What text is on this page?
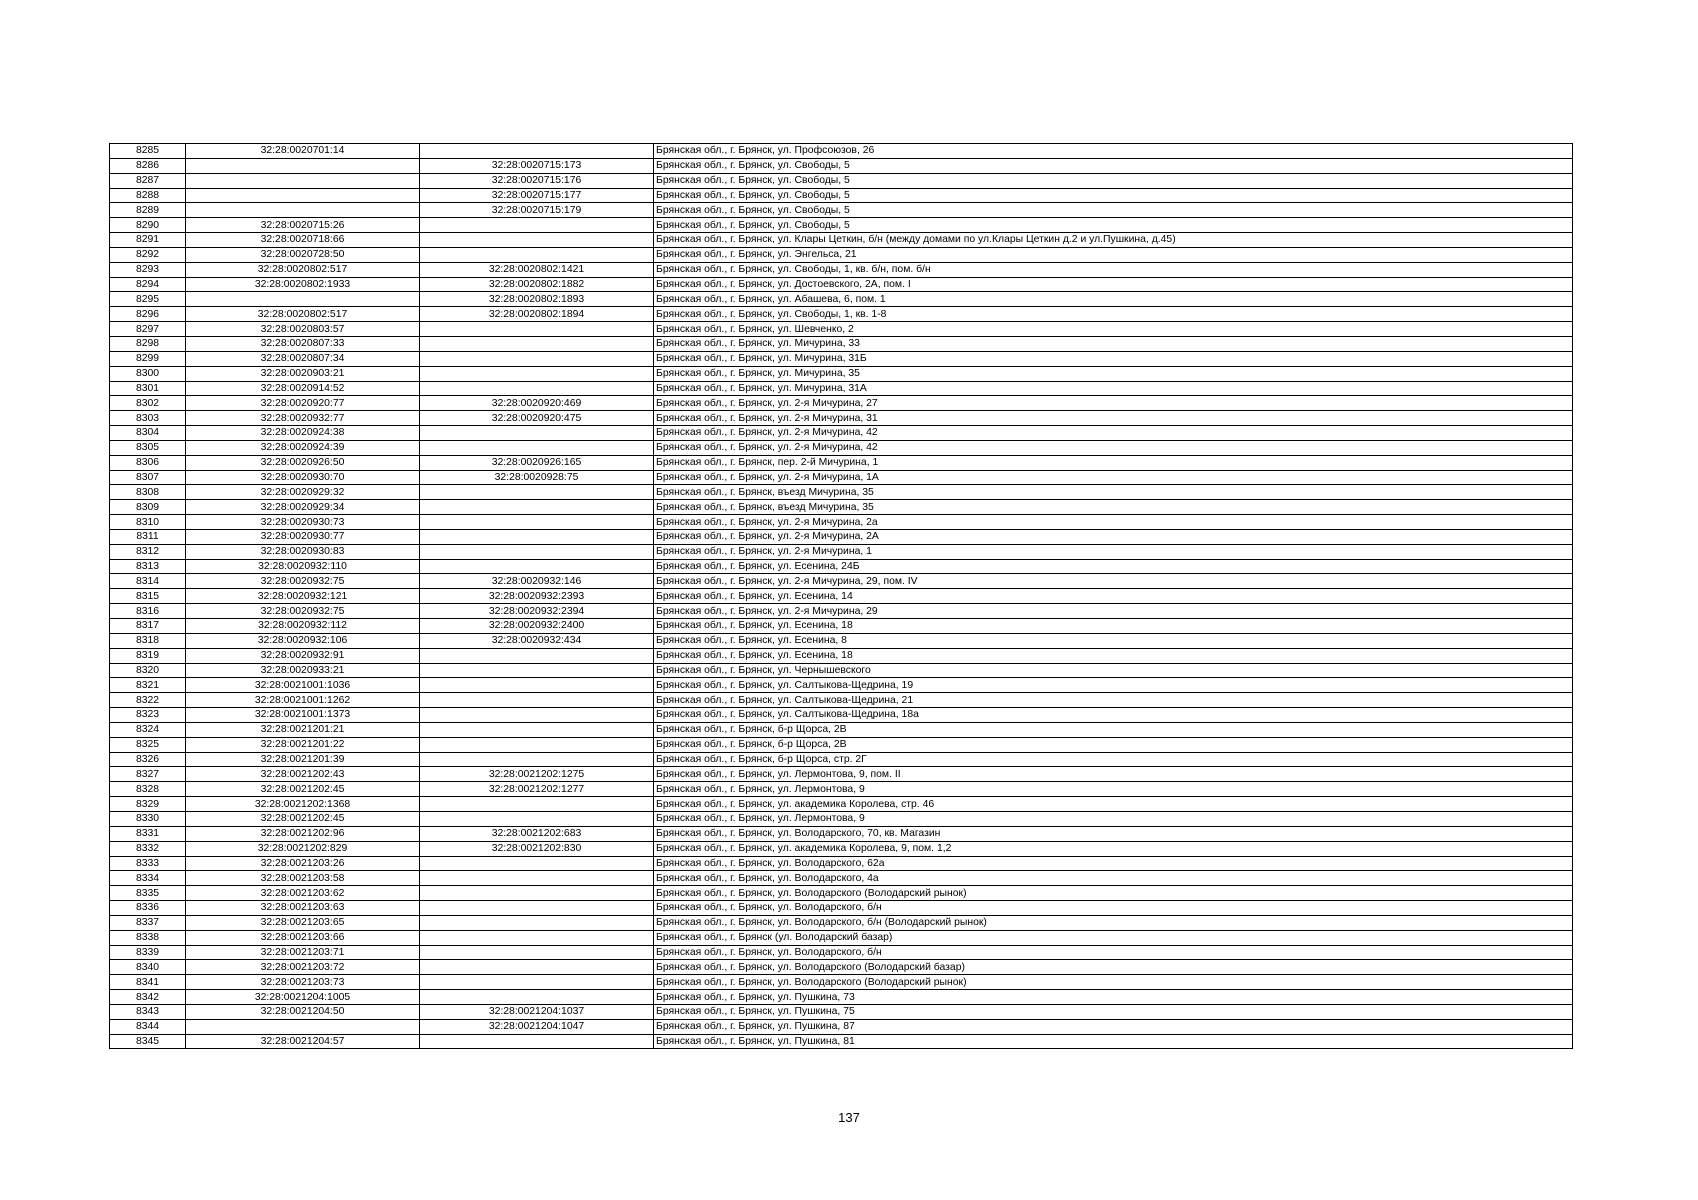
8285	32:28:0020701:14		Брянская обл., г. Брянск, ул. Профсоюзов, 26
8286		32:28:0020715:173	Брянская обл., г. Брянск, ул. Свободы, 5
8287		32:28:0020715:176	Брянская обл., г. Брянск, ул. Свободы, 5
8288		32:28:0020715:177	Брянская обл., г. Брянск, ул. Свободы, 5
8289		32:28:0020715:179	Брянская обл., г. Брянск, ул. Свободы, 5
8290	32:28:0020715:26		Брянская обл., г. Брянск, ул. Свободы, 5
8291	32:28:0020718:66		Брянская обл., г. Брянск, ул. Клары Цеткин, б/н (между домами по ул.Клары Цеткин д.2 и ул.Пушкина, д.45)
8292	32:28:0020728:50		Брянская обл., г. Брянск, ул. Энгельса, 21
8293	32:28:0020802:517	32:28:0020802:1421	Брянская обл., г. Брянск, ул. Свободы, 1, кв. б/н, пом. б/н
8294	32:28:0020802:1933	32:28:0020802:1882	Брянская обл., г. Брянск, ул. Достоевского, 2А, пом. I
8295		32:28:0020802:1893	Брянская обл., г. Брянск, ул. Абашева, 6, пом. 1
8296	32:28:0020802:517	32:28:0020802:1894	Брянская обл., г. Брянск, ул. Свободы, 1, кв. 1-8
8297	32:28:0020803:57		Брянская обл., г. Брянск, ул. Шевченко, 2
8298	32:28:0020807:33		Брянская обл., г. Брянск, ул. Мичурина, 33
8299	32:28:0020807:34		Брянская обл., г. Брянск, ул. Мичурина, 31Б
8300	32:28:0020903:21		Брянская обл., г. Брянск, ул. Мичурина, 35
8301	32:28:0020914:52		Брянская обл., г. Брянск, ул. Мичурина, 31А
8302	32:28:0020920:77	32:28:0020920:469	Брянская обл., г. Брянск, ул. 2-я Мичурина, 27
8303	32:28:0020932:77	32:28:0020920:475	Брянская обл., г. Брянск, ул. 2-я Мичурина, 31
8304	32:28:0020924:38		Брянская обл., г. Брянск, ул. 2-я Мичурина, 42
8305	32:28:0020924:39		Брянская обл., г. Брянск, ул. 2-я Мичурина, 42
8306	32:28:0020926:50	32:28:0020926:165	Брянская обл., г. Брянск, пер. 2-й Мичурина, 1
8307	32:28:0020930:70	32:28:0020928:75	Брянская обл., г. Брянск, ул. 2-я Мичурина, 1А
8308	32:28:0020929:32		Брянская обл., г. Брянск, въезд Мичурина, 35
8309	32:28:0020929:34		Брянская обл., г. Брянск, въезд Мичурина, 35
8310	32:28:0020930:73		Брянская обл., г. Брянск, ул. 2-я Мичурина, 2а
8311	32:28:0020930:77		Брянская обл., г. Брянск, ул. 2-я Мичурина, 2А
8312	32:28:0020930:83		Брянская обл., г. Брянск, ул. 2-я Мичурина, 1
8313	32:28:0020932:110		Брянская обл., г. Брянск, ул. Есенина, 24Б
8314	32:28:0020932:75	32:28:0020932:146	Брянская обл., г. Брянск, ул. 2-я Мичурина, 29, пом. IV
8315	32:28:0020932:121	32:28:0020932:2393	Брянская обл., г. Брянск, ул. Есенина, 14
8316	32:28:0020932:75	32:28:0020932:2394	Брянская обл., г. Брянск, ул. 2-я Мичурина, 29
8317	32:28:0020932:112	32:28:0020932:2400	Брянская обл., г. Брянск, ул. Есенина, 18
8318	32:28:0020932:106	32:28:0020932:434	Брянская обл., г. Брянск, ул. Есенина, 8
8319	32:28:0020932:91		Брянская обл., г. Брянск, ул. Есенина, 18
8320	32:28:0020933:21		Брянская обл., г. Брянск, ул. Чернышевского
8321	32:28:0021001:1036		Брянская обл., г. Брянск, ул. Салтыкова-Щедрина, 19
8322	32:28:0021001:1262		Брянская обл., г. Брянск, ул. Салтыкова-Щедрина, 21
8323	32:28:0021001:1373		Брянская обл., г. Брянск, ул. Салтыкова-Щедрина, 18а
8324	32:28:0021201:21		Брянская обл., г. Брянск, б-р Щорса, 2В
8325	32:28:0021201:22		Брянская обл., г. Брянск, б-р Щорса, 2В
8326	32:28:0021201:39		Брянская обл., г. Брянск, б-р Щорса, стр. 2Г
8327	32:28:0021202:43	32:28:0021202:1275	Брянская обл., г. Брянск, ул. Лермонтова, 9, пом. II
8328	32:28:0021202:45	32:28:0021202:1277	Брянская обл., г. Брянск, ул. Лермонтова, 9
8329	32:28:0021202:1368		Брянская обл., г. Брянск, ул. академика Королева, стр. 46
8330	32:28:0021202:45		Брянская обл., г. Брянск, ул. Лермонтова, 9
8331	32:28:0021202:96	32:28:0021202:683	Брянская обл., г. Брянск, ул. Володарского, 70, кв. Магазин
8332	32:28:0021202:829	32:28:0021202:830	Брянская обл., г. Брянск, ул. академика Королева, 9, пом. 1,2
8333	32:28:0021203:26		Брянская обл., г. Брянск, ул. Володарского, 62а
8334	32:28:0021203:58		Брянская обл., г. Брянск, ул. Володарского, 4а
8335	32:28:0021203:62		Брянская обл., г. Брянск, ул. Володарского (Володарский рынок)
8336	32:28:0021203:63		Брянская обл., г. Брянск, ул. Володарского, б/н
8337	32:28:0021203:65		Брянская обл., г. Брянск, ул. Володарского, б/н (Володарский рынок)
8338	32:28:0021203:66		Брянская обл., г. Брянск (ул. Володарский базар)
8339	32:28:0021203:71		Брянская обл., г. Брянск, ул. Володарского, б/н
8340	32:28:0021203:72		Брянская обл., г. Брянск, ул. Володарского (Володарский базар)
8341	32:28:0021203:73		Брянская обл., г. Брянск, ул. Володарского (Володарский рынок)
8342	32:28:0021204:1005		Брянская обл., г. Брянск, ул. Пушкина, 73
8343	32:28:0021204:50	32:28:0021204:1037	Брянская обл., г. Брянск, ул. Пушкина, 75
8344		32:28:0021204:1047	Брянская обл., г. Брянск, ул. Пушкина, 87
8345	32:28:0021204:57		Брянская обл., г. Брянск, ул. Пушкина, 81
137
